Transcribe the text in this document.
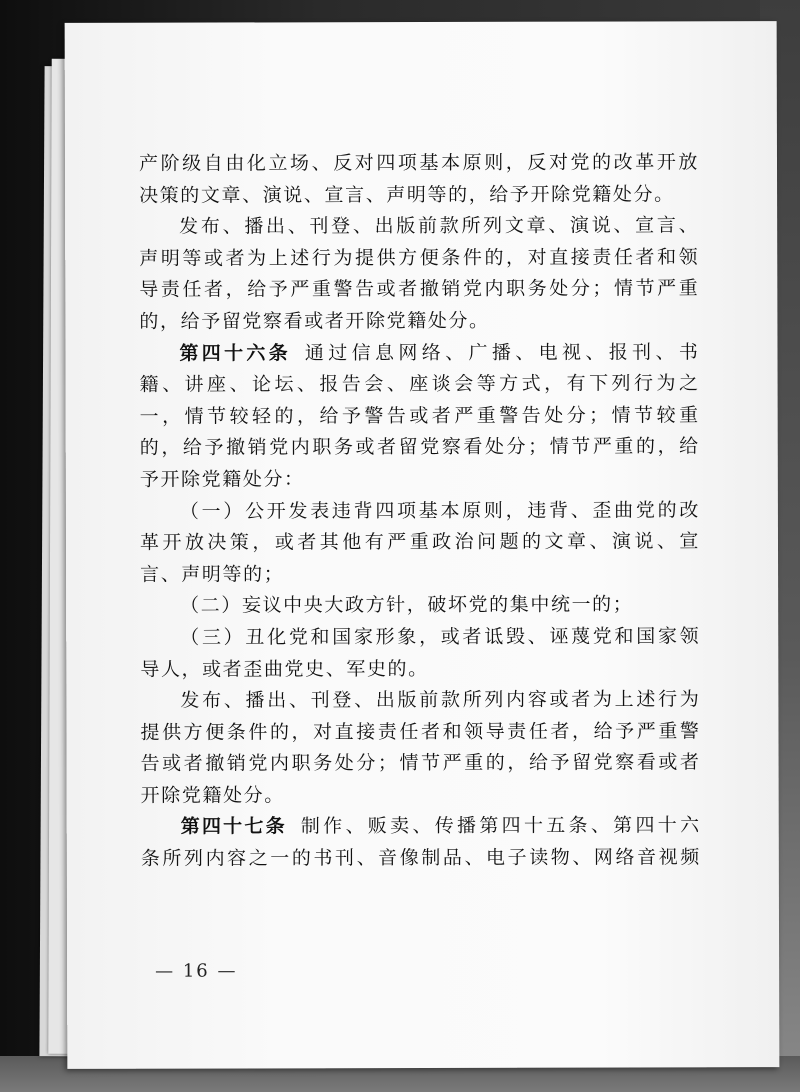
产阶级自由化立场、反对四项基本原则，反对党的改革开放
决策的文章、演说、宣言、声明等的，给予开除党籍处分。
发布、播出、刊登、出版前款所列文章、演说、宣言、
声明等或者为上述行为提供方便条件的，对直接责任者和领
导责任者，给予严重警告或者撤销党内职务处分；情节严重
的，给予留党察看或者开除党籍处分。
第四十六条 通过信息网络、广播、电视、报刊、书
籍、讲座、论坛、报告会、座谈会等方式，有下列行为之
一，情节较轻的，给予警告或者严重警告处分；情节较重
的，给予撤销党内职务或者留党察看处分；情节严重的，给
予开除党籍处分：
（一）公开发表违背四项基本原则，违背、歪曲党的改
革开放决策，或者其他有严重政治问题的文章、演说、宣
言、声明等的；
（二）妄议中央大政方针，破坏党的集中统一的；
（三）丑化党和国家形象，或者诋毁、诬蔑党和国家领
导人，或者歪曲党史、军史的。
发布、播出、刊登、出版前款所列内容或者为上述行为
提供方便条件的，对直接责任者和领导责任者，给予严重警
告或者撤销党内职务处分；情节严重的，给予留党察看或者
开除党籍处分。
第四十七条 制作、贩卖、传播第四十五条、第四十六
条所列内容之一的书刊、音像制品、电子读物、网络音视频
— 16 —
